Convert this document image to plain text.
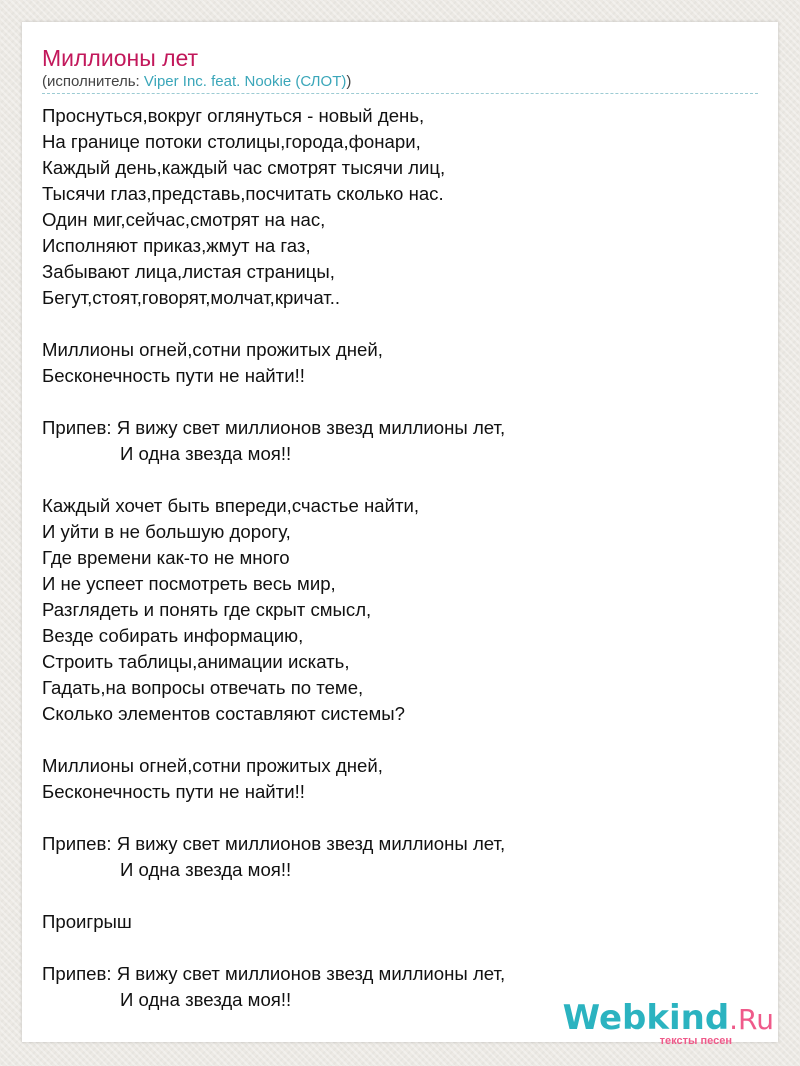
Миллионы лет
(исполнитель: Viper Inc. feat. Nookie (СЛОТ))
Проснуться,вокруг оглянуться - новый день,
На границе потоки столицы,города,фонари,
Каждый день,каждый час смотрят тысячи лиц,
Тысячи глаз,представь,посчитать сколько нас.
Один миг,сейчас,смотрят на нас,
Исполняют приказ,жмут на газ,
Забывают лица,листая страницы,
Бегут,стоят,говорят,молчат,кричат..
Миллионы огней,сотни прожитых дней,
Бесконечность пути не найти!!
Припев: Я вижу свет миллионов звезд миллионы лет,
И одна звезда моя!!
Каждый хочет быть впереди,счастье найти,
И уйти в не большую дорогу,
Где времени как-то не много
И не успеет посмотреть весь мир,
Разглядеть и понять где скрыт смысл,
Везде собирать информацию,
Строить таблицы,анимации искать,
Гадать,на вопросы отвечать по теме,
Сколько элементов составляют системы?
Миллионы огней,сотни прожитых дней,
Бесконечность пути не найти!!
Припев: Я вижу свет миллионов звезд миллионы лет,
И одна звезда моя!!
Проигрыш
Припев: Я вижу свет миллионов звезд миллионы лет,
И одна звезда моя!!	Webkind.Ru
тексты песен
